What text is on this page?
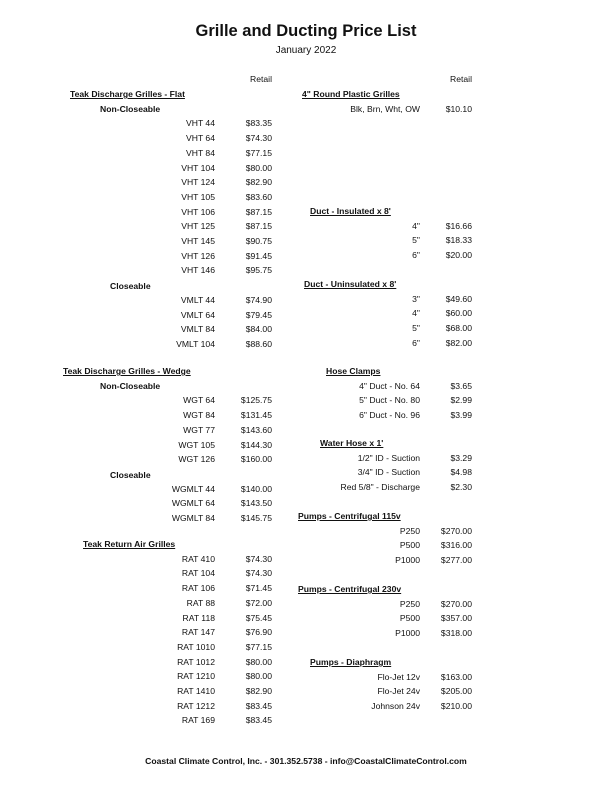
Grille and Ducting Price List
January 2022
Retail	Retail
Teak Discharge Grilles - Flat
Non-Closeable
VHT 44	$83.35
VHT 64	$74.30
VHT 84	$77.15
VHT 104	$80.00
VHT 124	$82.90
VHT 105	$83.60
VHT 106	$87.15
VHT 125	$87.15
VHT 145	$90.75
VHT 126	$91.45
VHT 146	$95.75
Closeable
VMLT 44	$74.90
VMLT 64	$79.45
VMLT 84	$84.00
VMLT 104	$88.60
Teak Discharge Grilles - Wedge
Non-Closeable
WGT 64	$125.75
WGT 84	$131.45
WGT 77	$143.60
WGT 105	$144.30
WGT 126	$160.00
Closeable
WGMLT 44	$140.00
WGMLT 64	$143.50
WGMLT 84	$145.75
Teak Return Air Grilles
RAT 410	$74.30
RAT 104	$74.30
RAT 106	$71.45
RAT 88	$72.00
RAT 118	$75.45
RAT 147	$76.90
RAT 1010	$77.15
RAT 1012	$80.00
RAT 1210	$80.00
RAT 1410	$82.90
RAT 1212	$83.45
RAT 169	$83.45
4" Round Plastic Grilles
Blk, Brn, Wht, OW	$10.10
Duct - Insulated x 8'
4"	$16.66
5"	$18.33
6"	$20.00
Duct - Uninsulated x 8'
3"	$49.60
4"	$60.00
5"	$68.00
6"	$82.00
Hose Clamps
4" Duct - No. 64	$3.65
5" Duct - No. 80	$2.99
6" Duct - No. 96	$3.99
Water Hose x 1'
1/2" ID - Suction	$3.29
3/4" ID - Suction	$4.98
Red 5/8" - Discharge	$2.30
Pumps - Centrifugal 115v
P250	$270.00
P500	$316.00
P1000	$277.00
Pumps - Centrifugal 230v
P250	$270.00
P500	$357.00
P1000	$318.00
Pumps - Diaphragm
Flo-Jet 12v	$163.00
Flo-Jet 24v	$205.00
Johnson 24v	$210.00
Coastal Climate Control, Inc. - 301.352.5738 - info@CoastalClimateControl.com
